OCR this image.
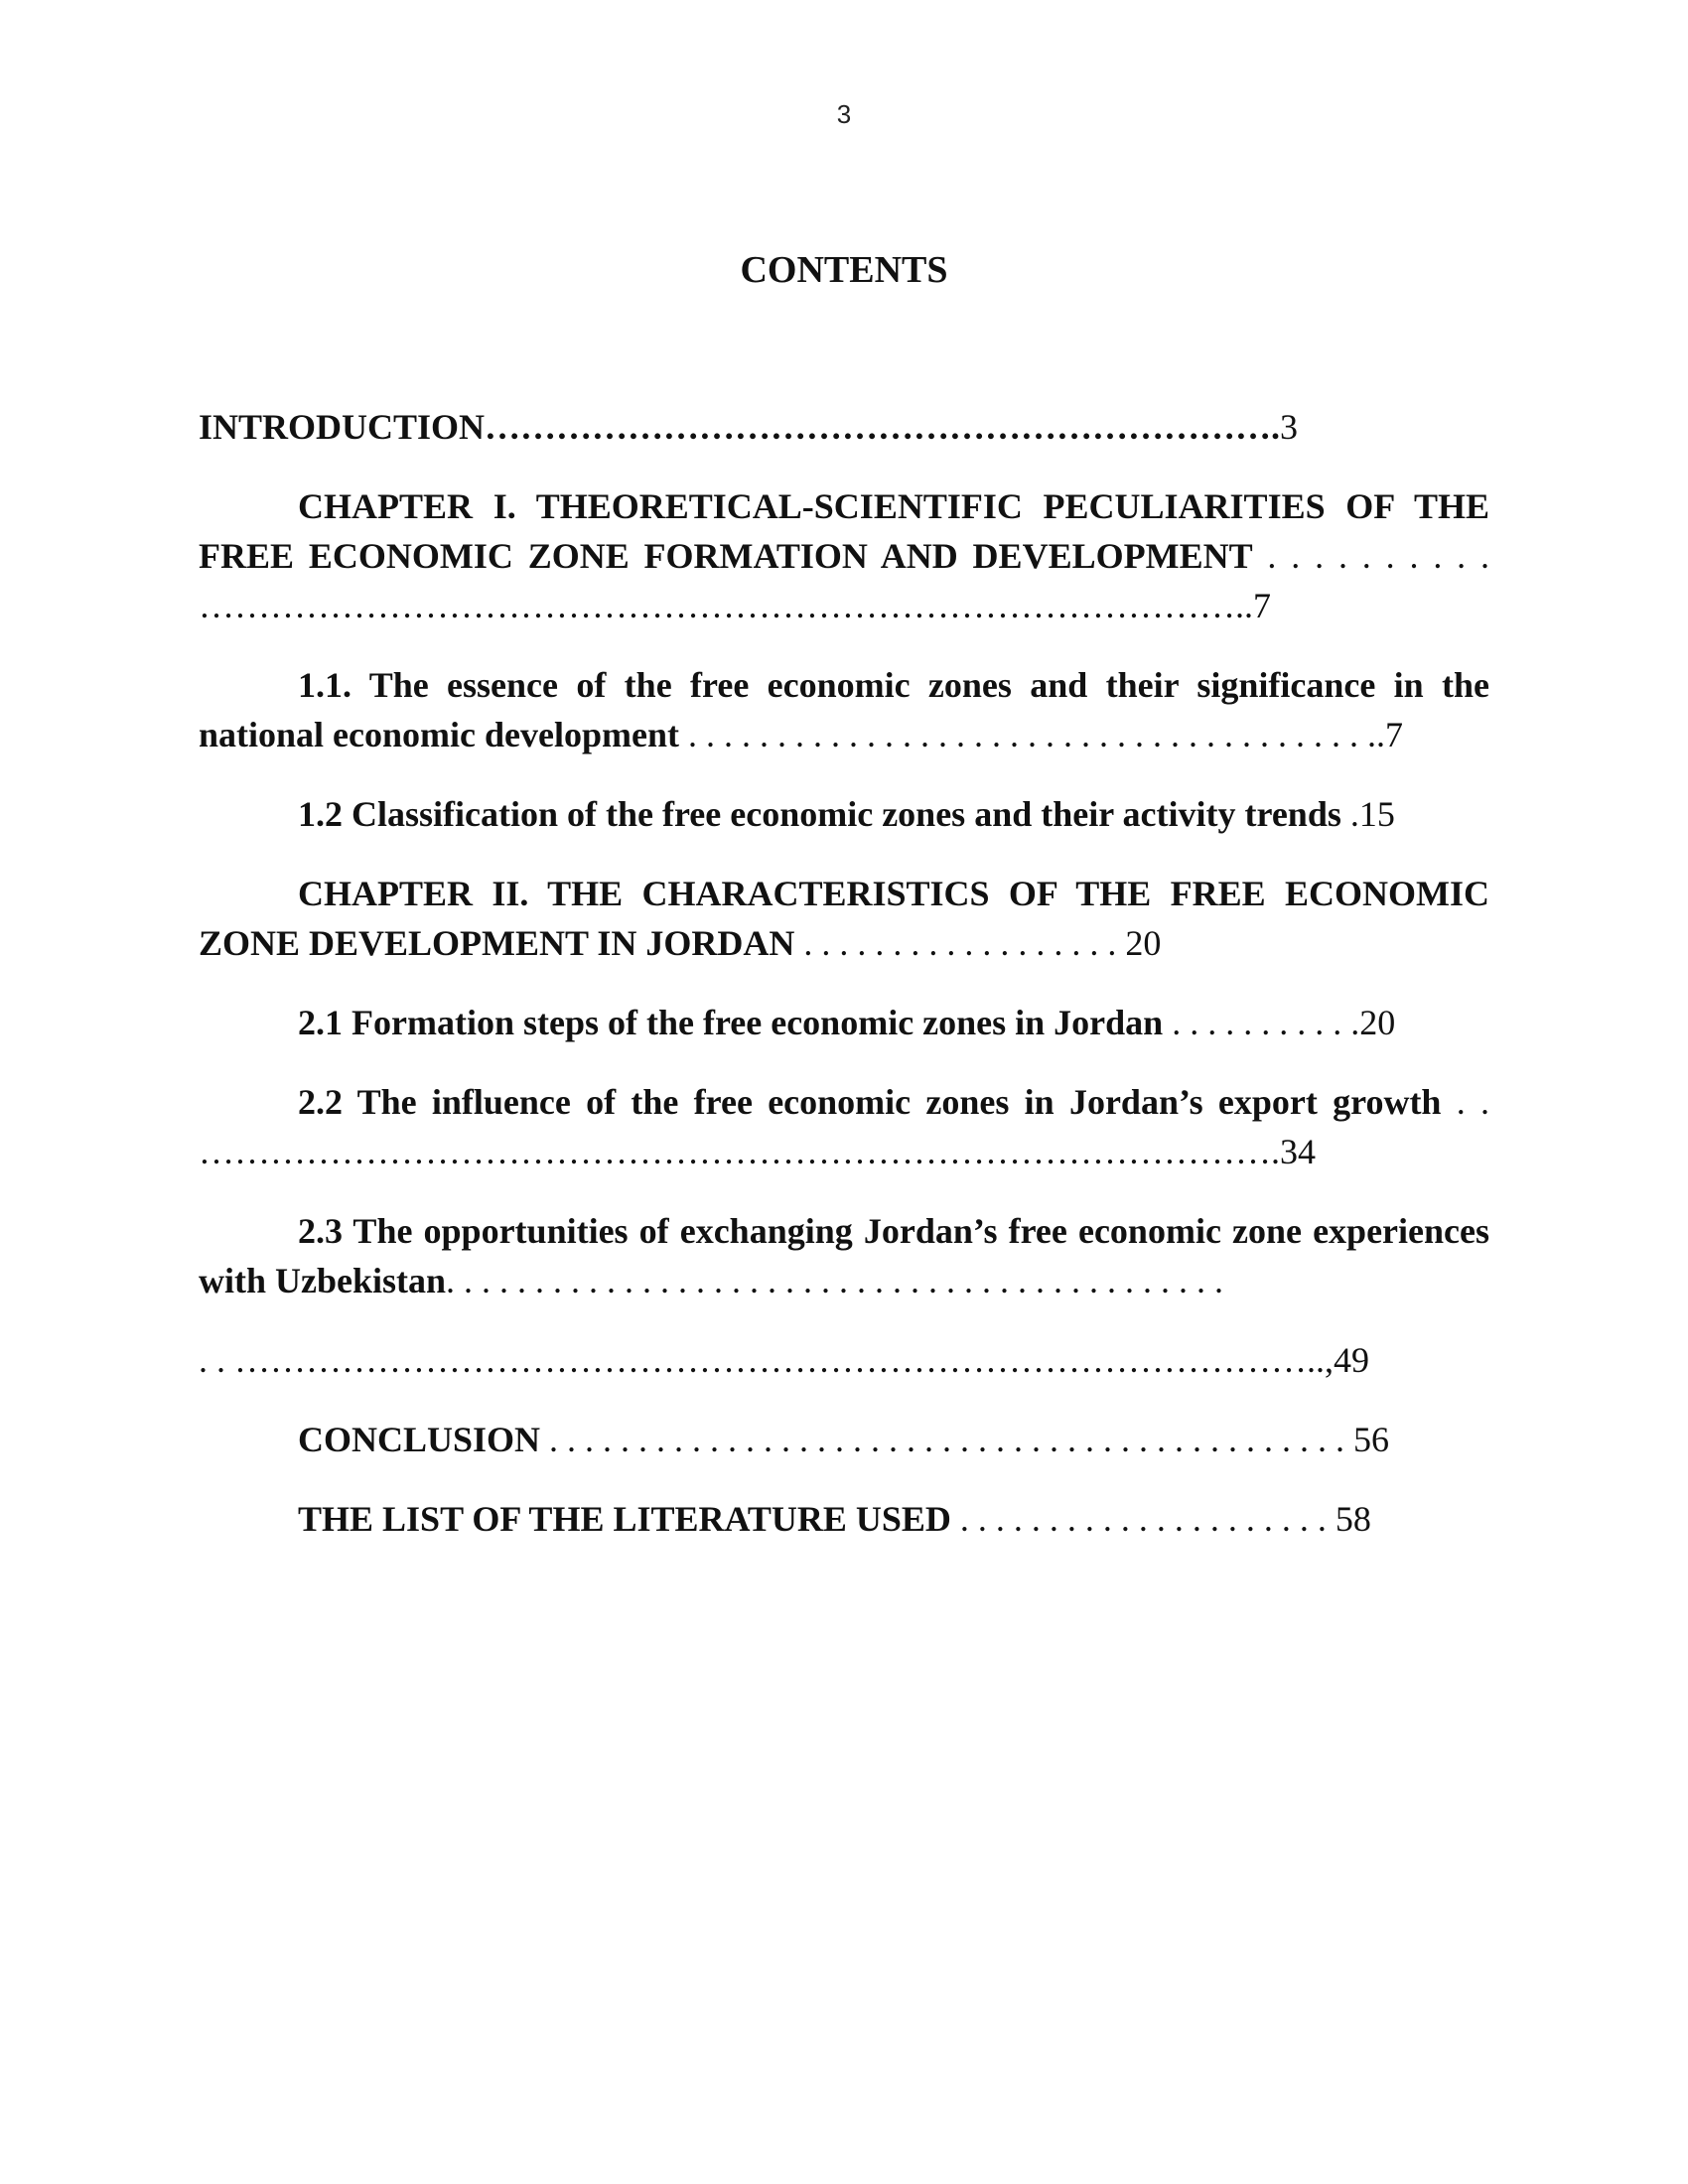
3
CONTENTS

INTRODUCTION………………………………………………………….3

CHAPTER I. THEORETICAL-SCIENTIFIC PECULIARITIES OF THE FREE ECONOMIC ZONE FORMATION AND DEVELOPMENT . . . . . . . . . . ……………………………………………………………………………..7

1.1. The essence of the free economic zones and their significance in the national economic development . . . . . . . . . . . . . . . . . . . . . . . . . . . . . . . . . . . . . . ..7

1.2 Classification of the free economic zones and their activity trends .15

CHAPTER II. THE CHARACTERISTICS OF THE FREE ECONOMIC ZONE DEVELOPMENT IN JORDAN . . . . . . . . . . . . . . . . . . 20

2.1 Formation steps of the free economic zones in Jordan . . . . . . . . . . .20

2.2 The influence of the free economic zones in Jordan’s export growth . . ……………………………………………………………………………….34

2.3 The opportunities of exchanging Jordan’s free economic zone experiences with Uzbekistan. . . . . . . . . . . . . . . . . . . . . . . . . . . . . . . . . . . . . . . . . . . .

. . ………………………………………………………………………………..,49

CONCLUSION . . . . . . . . . . . . . . . . . . . . . . . . . . . . . . . . . . . . . . . . . . . . . 56

THE LIST OF THE LITERATURE USED . . . . . . . . . . . . . . . . . . . . . 58
